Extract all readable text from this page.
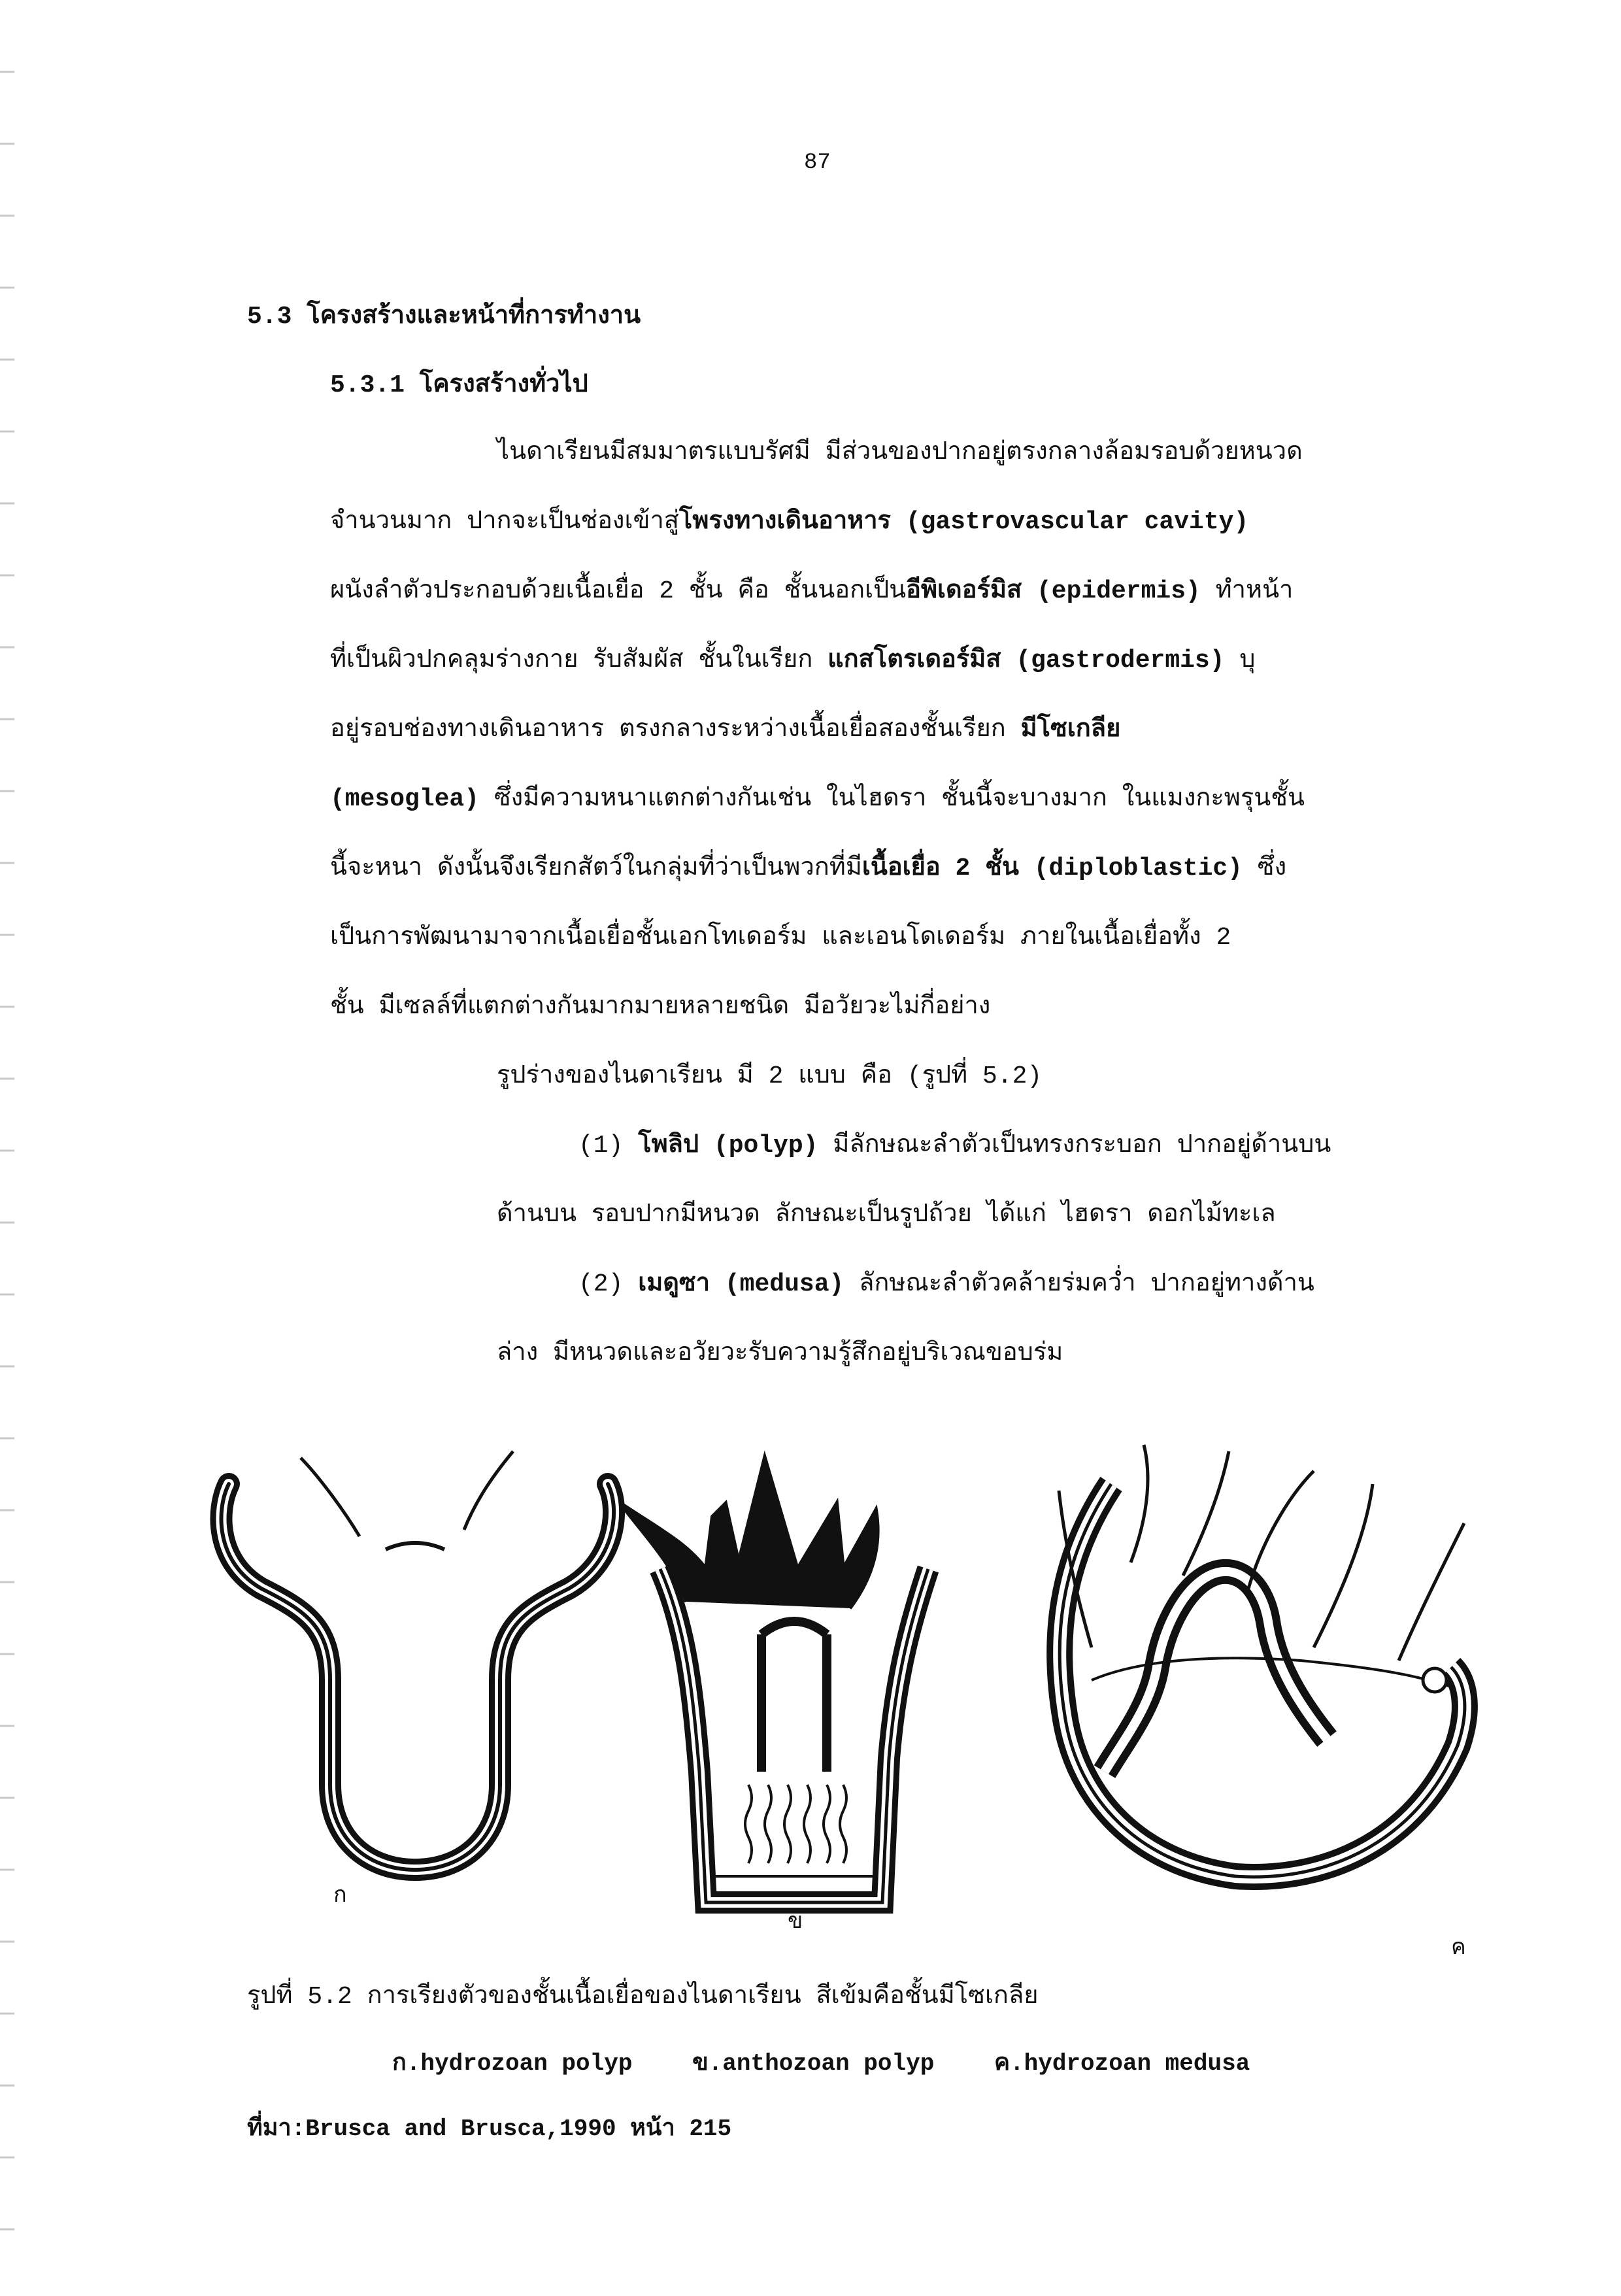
87
5.3 โครงสร้างและหน้าที่การทำงาน
5.3.1 โครงสร้างทั่วไป

ไนดาเรียนมีสมมาตรแบบรัศมี มีส่วนของปากอยู่ตรงกลางล้อมรอบด้วยหนวด

จำนวนมาก ปากจะเป็นช่องเข้าสู่โพรงทางเดินอาหาร (gastrovascular cavity)

ผนังลำตัวประกอบด้วยเนื้อเยื่อ 2 ชั้น คือ ชั้นนอกเป็นอีพิเดอร์มิส (epidermis) ทำหน้า

ที่เป็นผิวปกคลุมร่างกาย รับสัมผัส ชั้นในเรียก แกสโตรเดอร์มิส (gastrodermis) บุ

อยู่รอบช่องทางเดินอาหาร ตรงกลางระหว่างเนื้อเยื่อสองชั้นเรียก มีโซเกลีย

(mesoglea) ซึ่งมีความหนาแตกต่างกันเช่น ในไฮดรา ชั้นนี้จะบางมาก ในแมงกะพรุนชั้น

นี้จะหนา ดังนั้นจึงเรียกสัตว์ในกลุ่มที่ว่าเป็นพวกที่มีเนื้อเยื่อ 2 ชั้น (diploblastic) ซึ่ง

เป็นการพัฒนามาจากเนื้อเยื่อชั้นเอกโทเดอร์ม และเอนโดเดอร์ม ภายในเนื้อเยื่อทั้ง 2

ชั้น มีเซลล์ที่แตกต่างกันมากมายหลายชนิด มีอวัยวะไม่กี่อย่าง

รูปร่างของไนดาเรียน มี 2 แบบ คือ (รูปที่ 5.2)

(1) โพลิป (polyp) มีลักษณะลำตัวเป็นทรงกระบอก ปากอยู่ด้านบน

ด้านบน รอบปากมีหนวด ลักษณะเป็นรูปถ้วย ได้แก่ ไฮดรา ดอกไม้ทะเล

(2) เมดูซา (medusa) ลักษณะลำตัวคล้ายร่มคว่ำ ปากอยู่ทางด้าน

ล่าง มีหนวดและอวัยวะรับความรู้สึกอยู่บริเวณขอบร่ม

ก
ข
ค
รูปที่ 5.2 การเรียงตัวของชั้นเนื้อเยื่อของไนดาเรียน สีเข้มคือชั้นมีโซเกลีย
ก.hydrozoan polyp	ข.anthozoan polyp	ค.hydrozoan medusa
ที่มา:Brusca and Brusca,1990 หน้า 215
